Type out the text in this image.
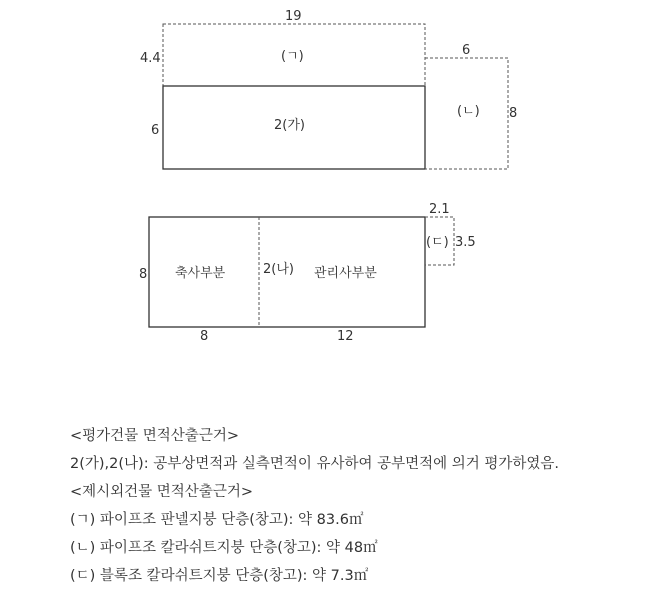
19
4.4
6
(ㄱ)
2(가)
6
8
(ㄴ)
8
8	12
축사부분	2(나) 관리사부분
2.1
3.5
(ㄷ)
<평가건물 면적산출근거>
2(가),2(나): 공부상면적과 실측면적이 유사하여 공부면적에 의거 평가하였음.
<제시외건물 면적산출근거>
(ㄱ) 파이프조 판넬지붕 단층(창고): 약 83.6㎡
(ㄴ) 파이프조 칼라쉬트지붕 단층(창고): 약 48㎡
(ㄷ) 블록조 칼라쉬트지붕 단층(창고): 약 7.3㎡
